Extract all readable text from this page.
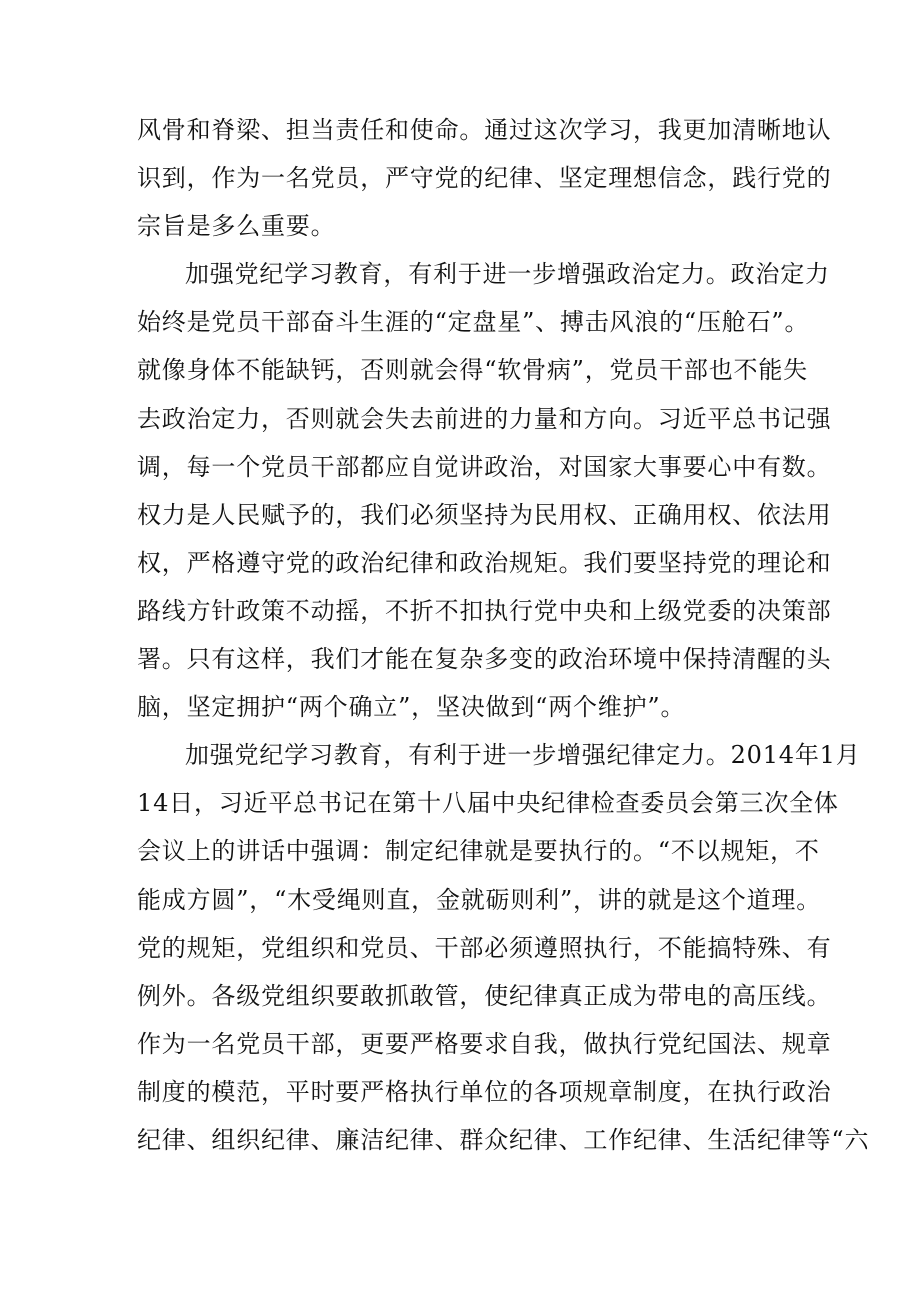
风骨和脊梁、担当责任和使命。通过这次学习，我更加清晰地认
识到，作为一名党员，严守党的纪律、坚定理想信念，践行党的
宗旨是多么重要。
加强党纪学习教育，有利于进一步增强政治定力。政治定力
始终是党员干部奋斗生涯的“定盘星”、搏击风浪的“压舱石”。
就像身体不能缺钙，否则就会得“软骨病”，党员干部也不能失
去政治定力，否则就会失去前进的力量和方向。习近平总书记强
调，每一个党员干部都应自觉讲政治，对国家大事要心中有数。
权力是人民赋予的，我们必须坚持为民用权、正确用权、依法用
权，严格遵守党的政治纪律和政治规矩。我们要坚持党的理论和
路线方针政策不动摇，不折不扣执行党中央和上级党委的决策部
署。只有这样，我们才能在复杂多变的政治环境中保持清醒的头
脑，坚定拥护“两个确立”，坚决做到“两个维护”。
加强党纪学习教育，有利于进一步增强纪律定力。2014年1月
14日，习近平总书记在第十八届中央纪律检查委员会第三次全体
会议上的讲话中强调：制定纪律就是要执行的。“不以规矩，不
能成方圆”，“木受绳则直，金就砺则利”，讲的就是这个道理。
党的规矩，党组织和党员、干部必须遵照执行，不能搞特殊、有
例外。各级党组织要敢抓敢管，使纪律真正成为带电的高压线。
作为一名党员干部，更要严格要求自我，做执行党纪国法、规章
制度的模范，平时要严格执行单位的各项规章制度，在执行政治
纪律、组织纪律、廉洁纪律、群众纪律、工作纪律、生活纪律等“六
